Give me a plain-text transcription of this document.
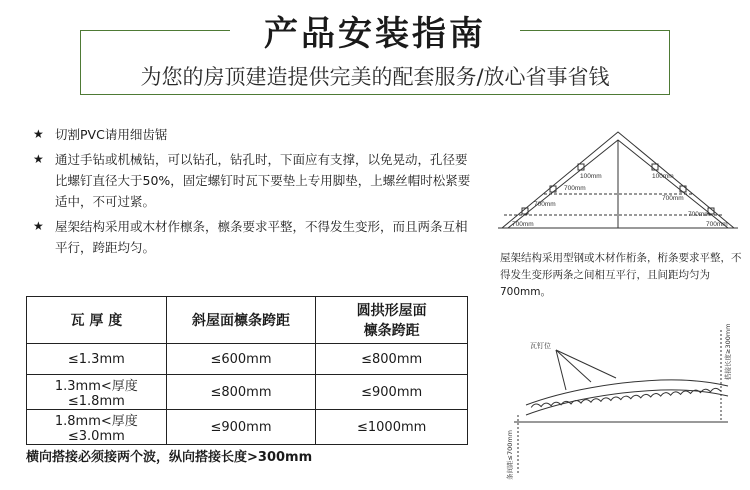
产品安装指南
为您的房顶建造提供完美的配套服务/放心省事省钱
★ 切割PVC请用细齿锯
★ 通过手钻或机械钻，可以钻孔，钻孔时，下面应有支撑，以免晃动，孔径要比螺钉直径大于50%，固定螺钉时瓦下要垫上专用脚垫，上螺丝帽时松紧要适中，不可过紧。
★ 屋架结构采用或木材作檩条，檩条要求平整，不得发生变形，而且两条互相平行，跨距均匀。
瓦 厚 度	斜屋面檩条跨距	圆拱形屋面
檩条跨距
≤1.3mm	≤600mm	≤800mm
1.3mm<厚度≤1.8mm	≤800mm	≤900mm
1.8mm<厚度≤3.0mm	≤900mm	≤1000mm
横向搭接必须接两个波，纵向搭接长度>300mm
100mm	100mm
700mm
700mm
700mm
700mm
700mm
700mm
屋架结构采用型钢或木材作桁条，桁条要求平整，不得发生变形两条之间相互平行，且间距均匀为700mm。
瓦钉位	搭接长度≥300mm
条间距≤700mm
